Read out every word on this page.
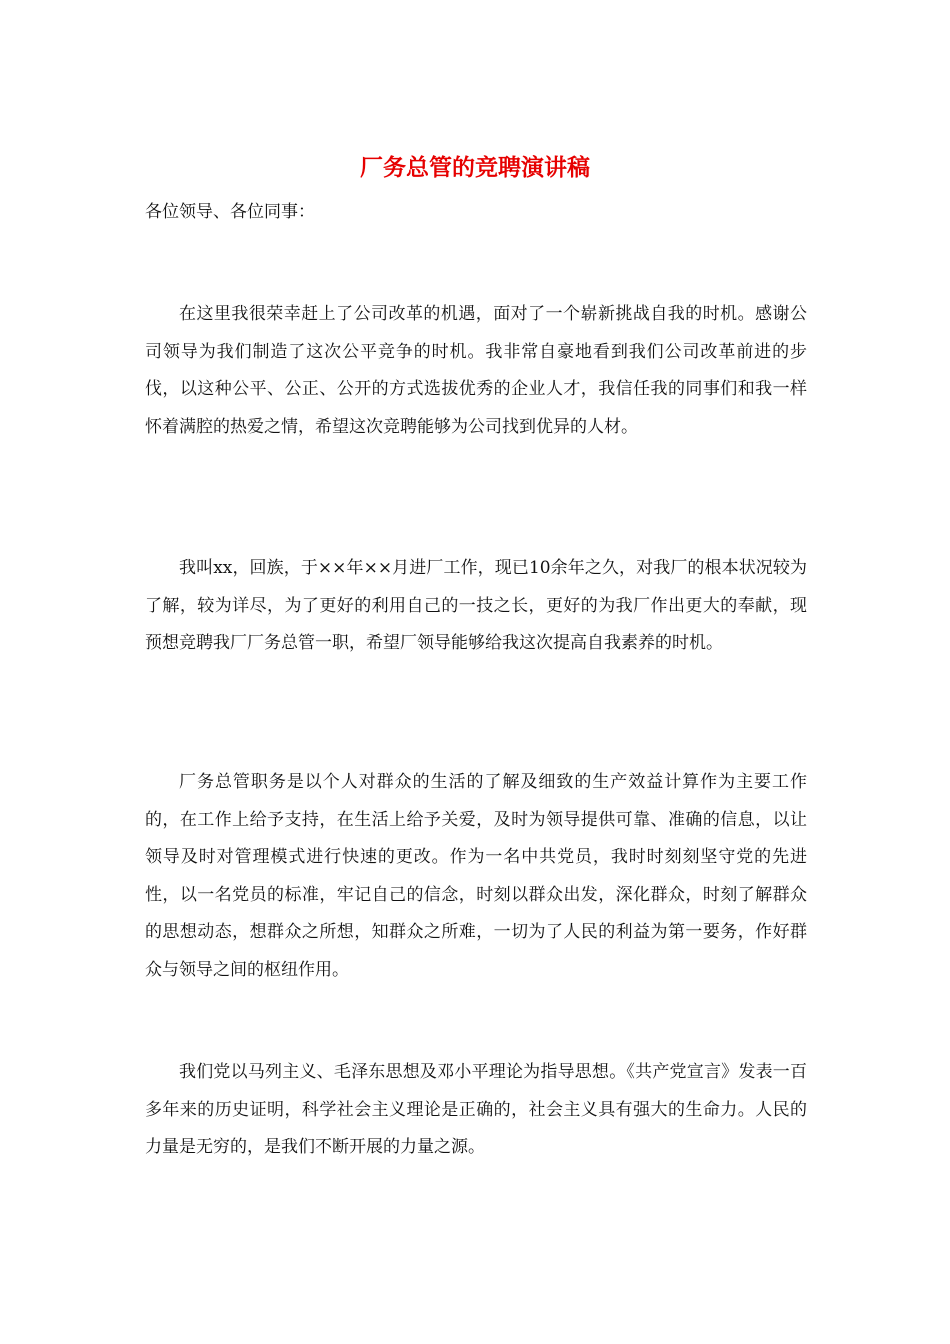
厂务总管的竞聘演讲稿

各位领导、各位同事：

在这里我很荣幸赶上了公司改革的机遇，面对了一个崭新挑战自我的时机。感谢公司领导为我们制造了这次公平竞争的时机。我非常自豪地看到我们公司改革前进的步伐，以这种公平、公正、公开的方式选拔优秀的企业人才，我信任我的同事们和我一样怀着满腔的热爱之情，希望这次竞聘能够为公司找到优异的人材。

我叫xx，回族，于××年××月进厂工作，现已10余年之久，对我厂的根本状况较为了解，较为详尽，为了更好的利用自己的一技之长，更好的为我厂作出更大的奉献，现预想竞聘我厂厂务总管一职，希望厂领导能够给我这次提高自我素养的时机。

厂务总管职务是以个人对群众的生活的了解及细致的生产效益计算作为主要工作的，在工作上给予支持，在生活上给予关爱，及时为领导提供可靠、准确的信息，以让领导及时对管理模式进行快速的更改。作为一名中共党员，我时时刻刻坚守党的先进性，以一名党员的标准，牢记自己的信念，时刻以群众出发，深化群众，时刻了解群众的思想动态，想群众之所想，知群众之所难，一切为了人民的利益为第一要务，作好群众与领导之间的枢纽作用。

我们党以马列主义、毛泽东思想及邓小平理论为指导思想。《共产党宣言》发表一百多年来的历史证明，科学社会主义理论是正确的，社会主义具有强大的生命力。人民的力量是无穷的，是我们不断开展的力量之源。
